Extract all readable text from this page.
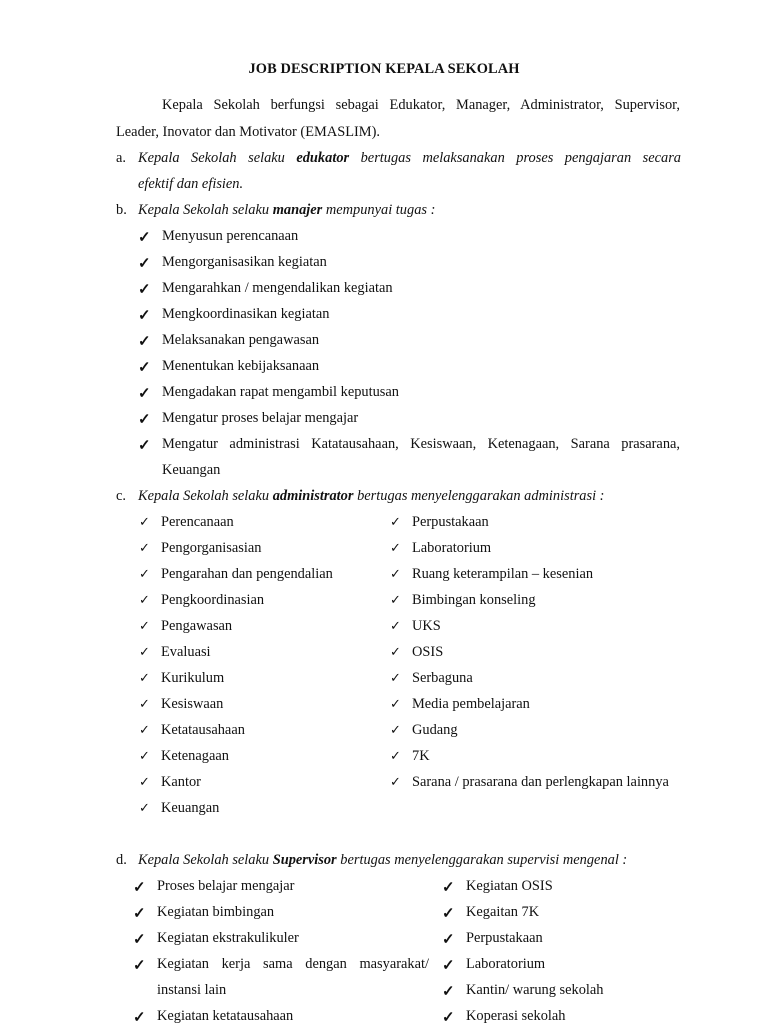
JOB DESCRIPTION KEPALA SEKOLAH
Kepala Sekolah berfungsi sebagai Edukator, Manager, Administrator, Supervisor,
Leader, Inovator dan Motivator (EMASLIM).
a. Kepala Sekolah selaku edukator bertugas melaksanakan proses pengajaran secara
efektif dan efisien.
b. Kepala Sekolah selaku manajer mempunyai tugas :
✓ Menyusun perencanaan
✓ Mengorganisasikan kegiatan
✓ Mengarahkan / mengendalikan kegiatan
✓ Mengkoordinasikan kegiatan
✓ Melaksanakan pengawasan
✓ Menentukan kebijaksanaan
✓ Mengadakan rapat mengambil keputusan
✓ Mengatur proses belajar mengajar
✓ Mengatur administrasi Katatausahaan, Kesiswaan, Ketenagaan, Sarana prasarana,
Keuangan
c. Kepala Sekolah selaku administrator bertugas menyelenggarakan administrasi :
✓ Perencanaan
✓ Pengorganisasian
✓ Pengarahan dan pengendalian
✓ Pengkoordinasian
✓ Pengawasan
✓ Evaluasi
✓ Kurikulum
✓ Kesiswaan
✓ Ketatausahaan
✓ Ketenagaan
✓ Kantor
✓ Keuangan
✓ Perpustakaan
✓ Laboratorium
✓ Ruang keterampilan – kesenian
✓ Bimbingan konseling
✓ UKS
✓ OSIS
✓ Serbaguna
✓ Media pembelajaran
✓ Gudang
✓ 7K
✓ Sarana / prasarana dan perlengkapan lainnya
d. Kepala Sekolah selaku Supervisor bertugas menyelenggarakan supervisi mengenal :
✓ Proses belajar mengajar
✓ Kegiatan bimbingan
✓ Kegiatan ekstrakulikuler
✓ Kegiatan kerja sama dengan masyarakat/
✓ Kegiatan ketatausahaan
✓ Kegiatan OSIS
✓ Kegaitan 7K
✓ Perpustakaan
✓ Laboratorium
✓ Kantin/ warung sekolah
✓ Koperasi sekolah
instansi lain
